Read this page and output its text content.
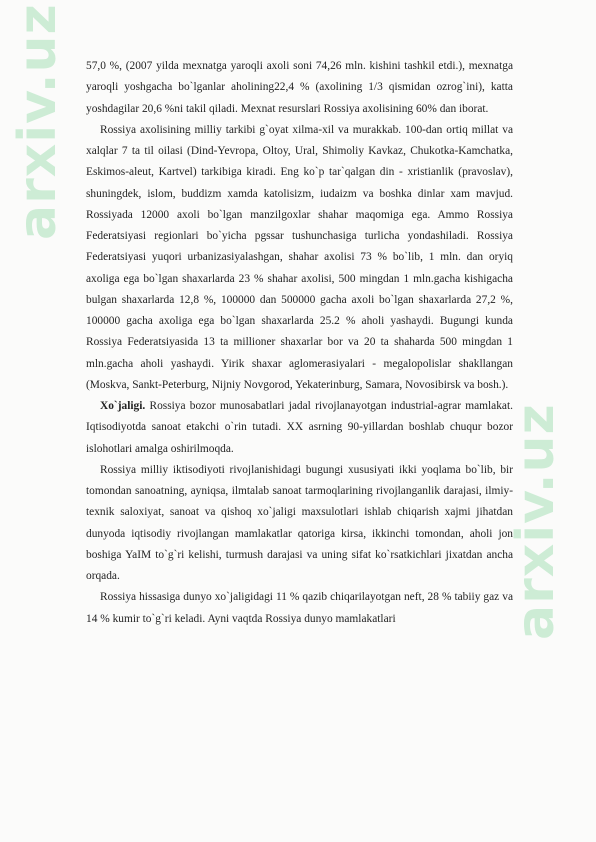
arxiv.uz
arxiv.uz

57,0 %, (2007 yilda mexnatga yaroqli axoli soni 74,26 mln. kishini tashkil etdi.), mexnatga yaroqli yoshgacha bo`lganlar aholining22,4 % (axolining 1/3 qismidan ozrog`ini), katta yoshdagilar 20,6 %ni takil qiladi. Mexnat resurslari Rossiya axolisining 60% dan iborat.

Rossiya axolisining milliy tarkibi g`oyat xilma-xil va murakkab. 100-dan ortiq millat va xalqlar 7 ta til oilasi (Dind-Yevropa, Oltoy, Ural, Shimoliy Kavkaz, Chukotka-Kamchatka, Eskimos-aleut, Kartvel) tarkibiga kiradi. Eng ko`p tar`qalgan din - xristianlik (pravoslav), shuningdek, islom, buddizm xamda katolisizm, iudaizm va boshka dinlar xam mavjud. Rossiyada 12000 axoli bo`lgan manzilgoxlar shahar maqomiga ega. Ammo Rossiya Federatsiyasi regionlari bo`yicha pgssar tushunchasiga turlicha yondashiladi. Rossiya Federatsiyasi yuqori urbanizasiyalashgan, shahar axolisi 73 % bo`lib, 1 mln. dan oryiq axoliga ega bo`lgan shaxarlarda 23 % shahar axolisi, 500 mingdan 1 mln.gacha kishigacha bulgan shaxarlarda 12,8 %, 100000 dan 500000 gacha axoli bo`lgan shaxarlarda 27,2 %, 100000 gacha axoliga ega bo`lgan shaxarlarda 25.2 % aholi yashaydi. Bugungi kunda Rossiya Federatsiyasida 13 ta millioner shaxarlar bor va 20 ta shaharda 500 mingdan 1 mln.gacha aholi yashaydi. Yirik shaxar aglomerasiyalari - megalopolislar shakllangan (Moskva, Sankt-Peterburg, Nijniy Novgorod, Yekaterinburg, Samara, Novosibirsk va bosh.).

Xo`jaligi. Rossiya bozor munosabatlari jadal rivojlanayotgan industrial-agrar mamlakat. Iqtisodiyotda sanoat etakchi o`rin tutadi. XX asrning 90-yillardan boshlab chuqur bozor islohotlari amalga oshirilmoqda.

Rossiya milliy iktisodiyoti rivojlanishidagi bugungi xususiyati ikki yoqlama bo`lib, bir tomondan sanoatning, ayniqsa, ilmtalab sanoat tarmoqlarining rivojlanganlik darajasi, ilmiy-texnik saloxiyat, sanoat va qishoq xo`jaligi maxsulotlari ishlab chiqarish xajmi jihatdan dunyoda iqtisodiy rivojlangan mamlakatlar qatoriga kirsa, ikkinchi tomondan, aholi jon boshiga YaIM to`g`ri kelishi, turmush darajasi va uning sifat ko`rsatkichlari jixatdan ancha orqada.

Rossiya hissasiga dunyo xo`jaligidagi 11 % qazib chiqarilayotgan neft, 28 % tabiiy gaz va 14 % kumir to`g`ri keladi. Ayni vaqtda Rossiya dunyo mamlakatlari
